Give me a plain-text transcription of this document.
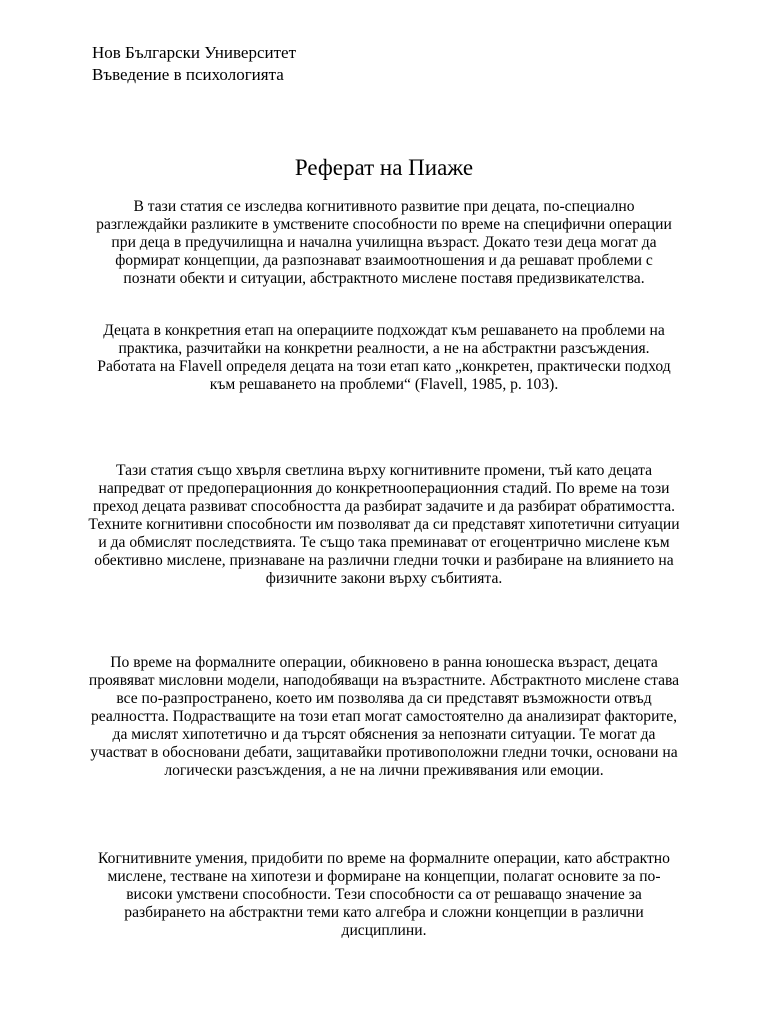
Нов Български Университет
Въведение в психологията
Реферат на Пиаже

В тази статия се изследва когнитивното развитие при децата, по-специално разглеждайки разликите в умствените способности по време на специфични операции при деца в предучилищна и начална училищна възраст. Докато тези деца могат да формират концепции, да разпознават взаимоотношения и да решават проблеми с познати обекти и ситуации, абстрактното мислене поставя предизвикателства.

Децата в конкретния етап на операциите подхождат към решаването на проблеми на практика, разчитайки на конкретни реалности, а не на абстрактни разсъждения. Работата на Flavell определя децата на този етап като „конкретен, практически подход към решаването на проблеми“ (Flavell, 1985, p. 103).

Тази статия също хвърля светлина върху когнитивните промени, тъй като децата напредват от предоперационния до конкретнооперационния стадий. По време на този преход децата развиват способността да разбират задачите и да разбират обратимостта. Техните когнитивни способности им позволяват да си представят хипотетични ситуации и да обмислят последствията. Те също така преминават от егоцентрично мислене към обективно мислене, признаване на различни гледни точки и разбиране на влиянието на физичните закони върху събитията.

По време на формалните операции, обикновено в ранна юношеска възраст, децата проявяват мисловни модели, наподобяващи на възрастните. Абстрактното мислене става все по-разпространено, което им позволява да си представят възможности отвъд реалността. Подрастващите на този етап могат самостоятелно да анализират факторите, да мислят хипотетично и да търсят обяснения за непознати ситуации. Те могат да участват в обосновани дебати, защитавайки противоположни гледни точки, основани на логически разсъждения, а не на лични преживявания или емоции.

Когнитивните умения, придобити по време на формалните операции, като абстрактно мислене, тестване на хипотези и формиране на концепции, полагат основите за по-високи умствени способности. Тези способности са от решаващо значение за разбирането на абстрактни теми като алгебра и сложни концепции в различни дисциплини.
